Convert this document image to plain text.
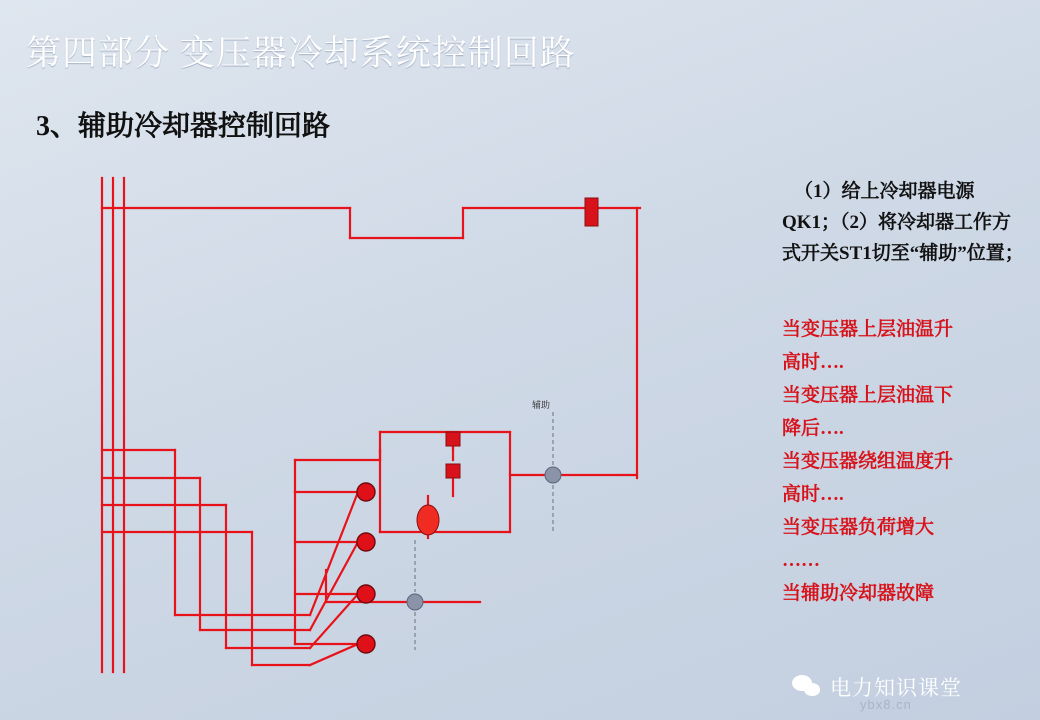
第四部分 变压器冷却系统控制回路
3、辅助冷却器控制回路
辅助
（1）给上冷却器电源QK1；（2）将冷却器工作方式开关ST1切至“辅助”位置；
当变压器上层油温升
高时….
当变压器上层油温下
降后….
当变压器绕组温度升
高时….
当变压器负荷增大
……
当辅助冷却器故障
电力知识课堂
ybx8.cn
